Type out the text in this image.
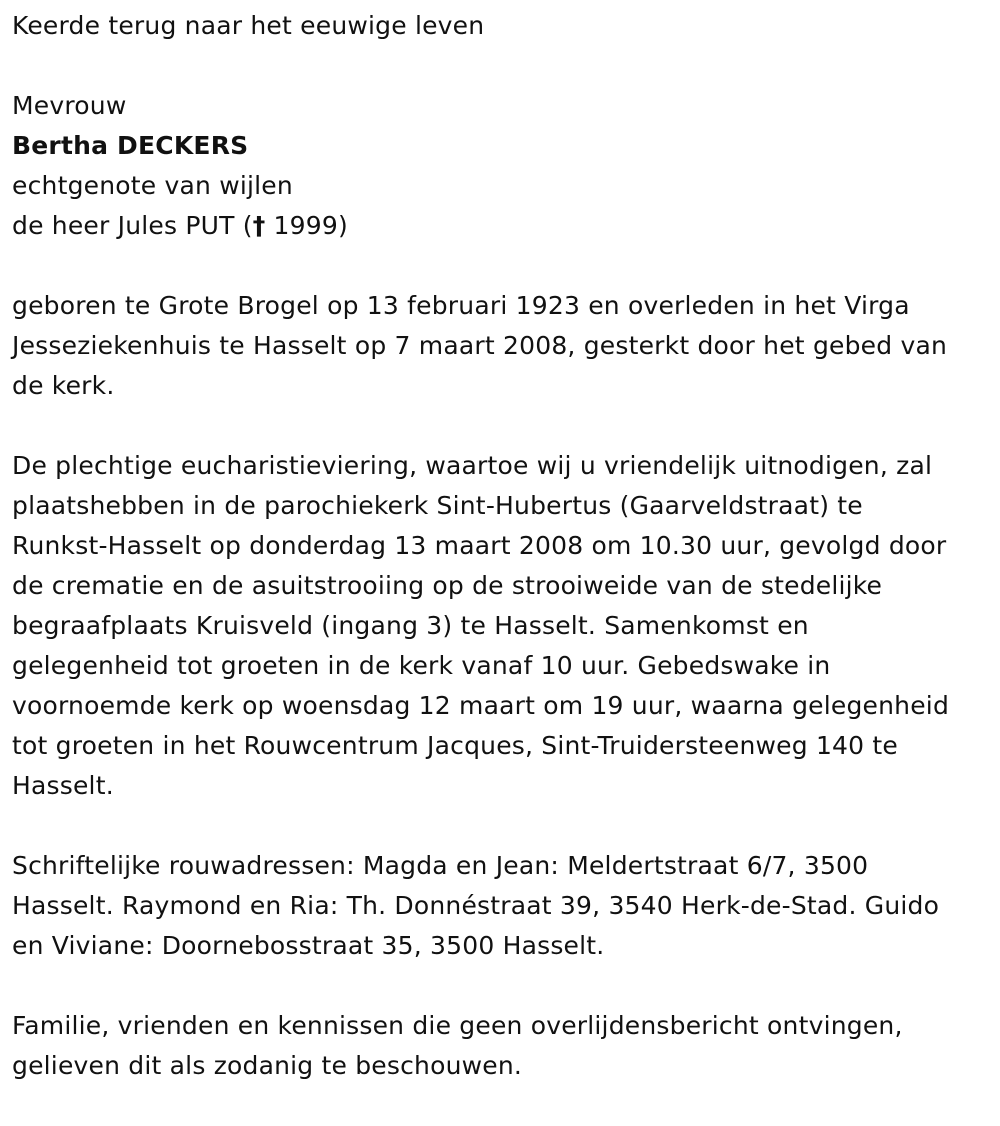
Keerde terug naar het eeuwige leven

Mevrouw

Bertha DECKERS

echtgenote van wijlen

de heer Jules PUT († 1999)

geboren te Grote Brogel op 13 februari 1923 en overleden in het Virga

Jesseziekenhuis te Hasselt op 7 maart 2008, gesterkt door het gebed van

de kerk.

De plechtige eucharistieviering, waartoe wij u vriendelijk uitnodigen, zal

plaatshebben in de parochiekerk Sint-Hubertus (Gaarveldstraat) te

Runkst-Hasselt op donderdag 13 maart 2008 om 10.30 uur, gevolgd door

de crematie en de asuitstrooiing op de strooiweide van de stedelijke

begraafplaats Kruisveld (ingang 3) te Hasselt. Samenkomst en

gelegenheid tot groeten in de kerk vanaf 10 uur. Gebedswake in

voornoemde kerk op woensdag 12 maart om 19 uur, waarna gelegenheid

tot groeten in het Rouwcentrum Jacques, Sint-Truidersteenweg 140 te

Hasselt.

Schriftelijke rouwadressen: Magda en Jean: Meldertstraat 6/7, 3500

Hasselt. Raymond en Ria: Th. Donnéstraat 39, 3540 Herk-de-Stad. Guido

en Viviane: Doornebosstraat 35, 3500 Hasselt.

Familie, vrienden en kennissen die geen overlijdensbericht ontvingen,

gelieven dit als zodanig te beschouwen.
